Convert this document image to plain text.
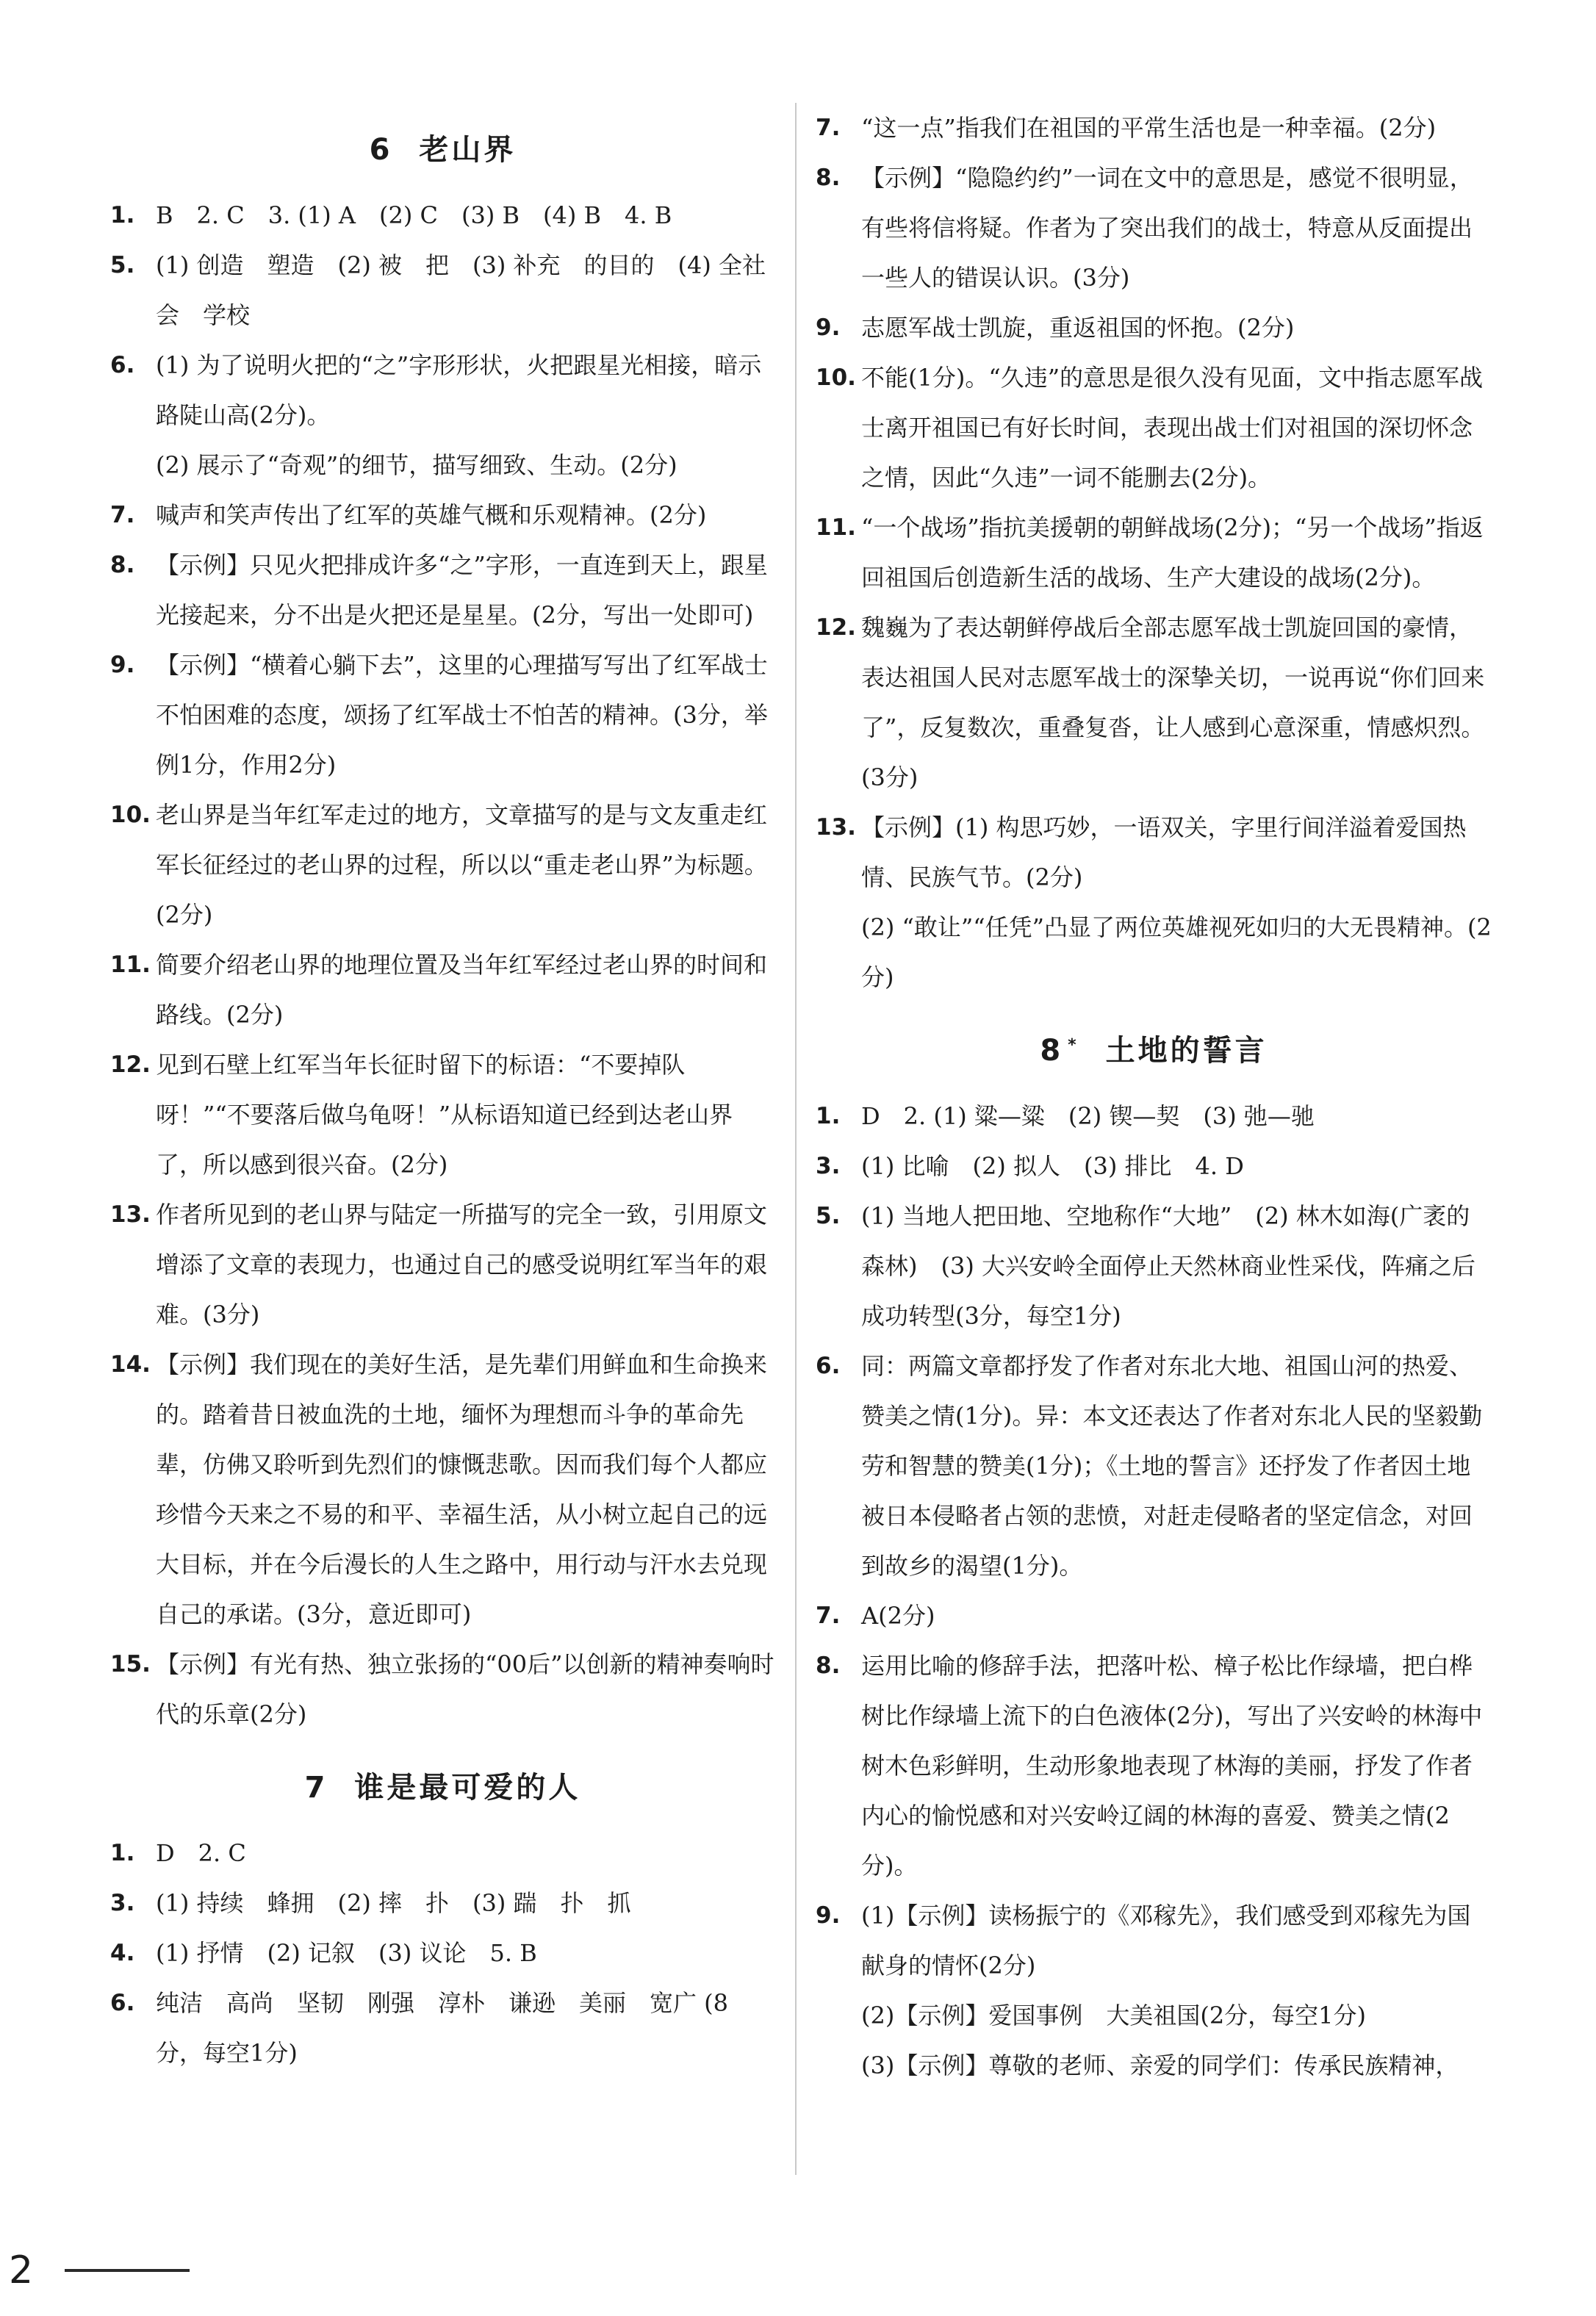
6 老山界
1. B　2. C　3. (1) A　(2) C　(3) B　(4) B　4. B
5. (1) 创造　塑造　(2) 被　把　(3) 补充　的目的　(4) 全社会　学校
6. (1) 为了说明火把的“之”字形形状，火把跟星光相接，暗示路陡山高(2分)。
(2) 展示了“奇观”的细节，描写细致、生动。(2分)
7. 喊声和笑声传出了红军的英雄气概和乐观精神。(2分)
8. 【示例】只见火把排成许多“之”字形，一直连到天上，跟星光接起来，分不出是火把还是星星。(2分，写出一处即可)
9. 【示例】“横着心躺下去”，这里的心理描写写出了红军战士不怕困难的态度，颂扬了红军战士不怕苦的精神。(3分，举例1分，作用2分)
10. 老山界是当年红军走过的地方，文章描写的是与文友重走红军长征经过的老山界的过程，所以以“重走老山界”为标题。(2分)
11. 简要介绍老山界的地理位置及当年红军经过老山界的时间和路线。(2分)
12. 见到石壁上红军当年长征时留下的标语：“不要掉队呀！”“不要落后做乌龟呀！”从标语知道已经到达老山界了，所以感到很兴奋。(2分)
13. 作者所见到的老山界与陆定一所描写的完全一致，引用原文增添了文章的表现力，也通过自己的感受说明红军当年的艰难。(3分)
14. 【示例】我们现在的美好生活，是先辈们用鲜血和生命换来的。踏着昔日被血洗的土地，缅怀为理想而斗争的革命先辈，仿佛又聆听到先烈们的慷慨悲歌。因而我们每个人都应珍惜今天来之不易的和平、幸福生活，从小树立起自己的远大目标，并在今后漫长的人生之路中，用行动与汗水去兑现自己的承诺。(3分，意近即可)
15. 【示例】有光有热、独立张扬的“00后”以创新的精神奏响时代的乐章(2分)
7 谁是最可爱的人
1. D　2. C
3. (1) 持续　蜂拥　(2) 摔　扑　(3) 踹　扑　抓
4. (1) 抒情　(2) 记叙　(3) 议论　5. B
6. 纯洁　高尚　坚韧　刚强　淳朴　谦逊　美丽　宽广 (8分，每空1分)
7. “这一点”指我们在祖国的平常生活也是一种幸福。(2分)
8. 【示例】“隐隐约约”一词在文中的意思是，感觉不很明显，有些将信将疑。作者为了突出我们的战士，特意从反面提出一些人的错误认识。(3分)
9. 志愿军战士凯旋，重返祖国的怀抱。(2分)
10. 不能(1分)。“久违”的意思是很久没有见面，文中指志愿军战士离开祖国已有好长时间，表现出战士们对祖国的深切怀念之情，因此“久违”一词不能删去(2分)。
11. “一个战场”指抗美援朝的朝鲜战场(2分)；“另一个战场”指返回祖国后创造新生活的战场、生产大建设的战场(2分)。
12. 魏巍为了表达朝鲜停战后全部志愿军战士凯旋回国的豪情，表达祖国人民对志愿军战士的深挚关切，一说再说“你们回来了”，反复数次，重叠复沓，让人感到心意深重，情感炽烈。(3分)
13. 【示例】(1) 构思巧妙，一语双关，字里行间洋溢着爱国热情、民族气节。(2分)
(2) “敢让”“任凭”凸显了两位英雄视死如归的大无畏精神。(2分)
8 * 土地的誓言
1. D　2. (1) 粱—粱　(2) 锲—契　(3) 弛—驰
3. (1) 比喻　(2) 拟人　(3) 排比　4. D
5. (1) 当地人把田地、空地称作“大地”　(2) 林木如海(广袤的森林)　(3) 大兴安岭全面停止天然林商业性采伐，阵痛之后成功转型(3分，每空1分)
6. 同：两篇文章都抒发了作者对东北大地、祖国山河的热爱、赞美之情(1分)。异：本文还表达了作者对东北人民的坚毅勤劳和智慧的赞美(1分)；《土地的誓言》还抒发了作者因土地被日本侵略者占领的悲愤，对赶走侵略者的坚定信念，对回到故乡的渴望(1分)。
7. A(2分)
8. 运用比喻的修辞手法，把落叶松、樟子松比作绿墙，把白桦树比作绿墙上流下的白色液体(2分)，写出了兴安岭的林海中树木色彩鲜明，生动形象地表现了林海的美丽，抒发了作者内心的愉悦感和对兴安岭辽阔的林海的喜爱、赞美之情(2分)。
9. (1)【示例】读杨振宁的《邓稼先》，我们感受到邓稼先为国献身的情怀(2分)
(2)【示例】爱国事例　大美祖国(2分，每空1分)
(3)【示例】尊敬的老师、亲爱的同学们：传承民族精神，
2
